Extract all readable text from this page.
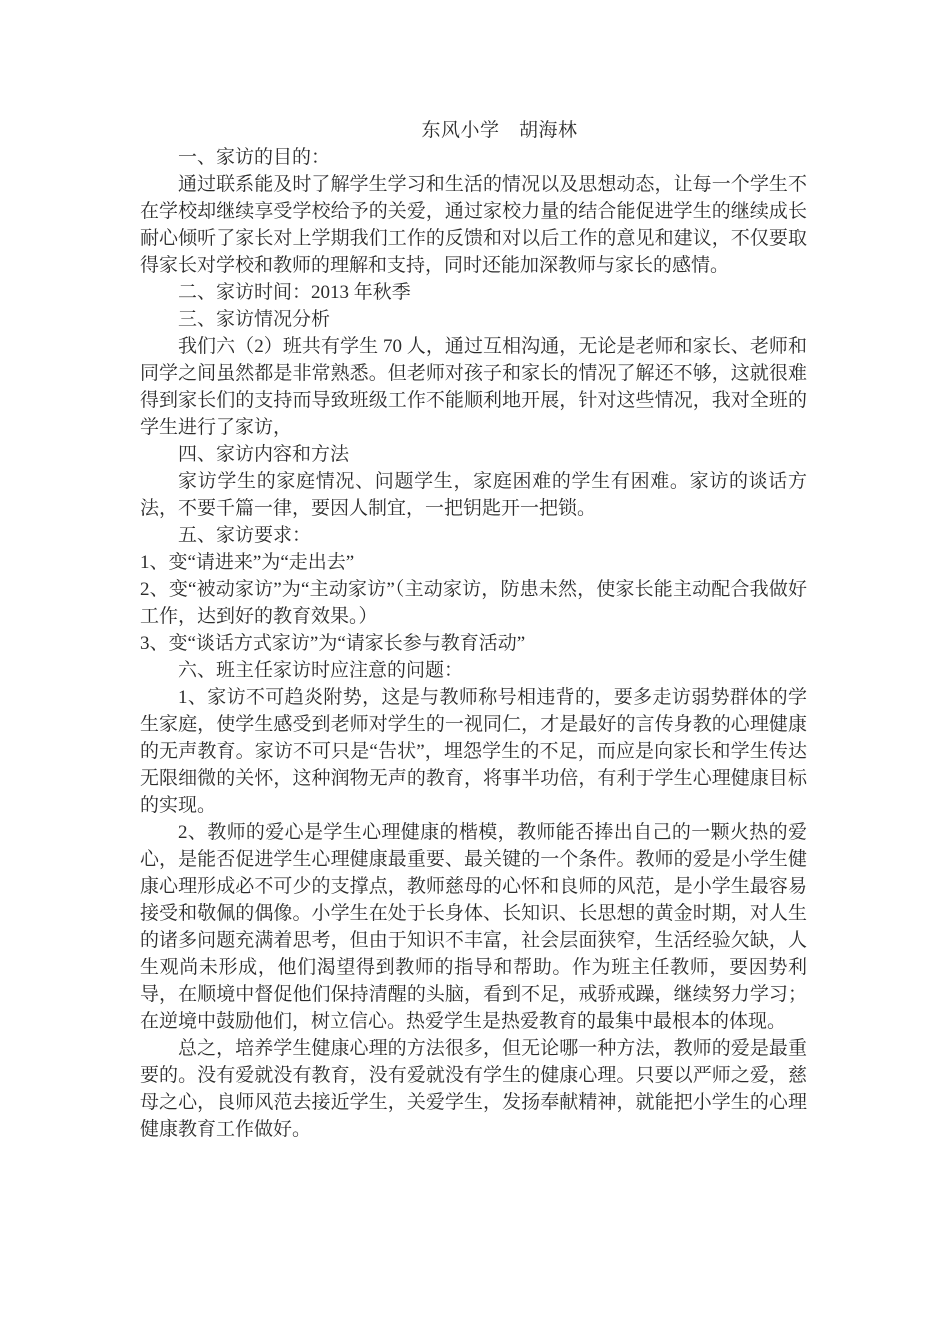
东风小学　胡海林

一、家访的目的：

通过联系能及时了解学生学习和生活的情况以及思想动态，让每一个学生不在学校却继续享受学校给予的关爱，通过家校力量的结合能促进学生的继续成长耐心倾听了家长对上学期我们工作的反馈和对以后工作的意见和建议，不仅要取得家长对学校和教师的理解和支持，同时还能加深教师与家长的感情。

二、家访时间：2013 年秋季

三、家访情况分析

我们六（2）班共有学生 70 人，通过互相沟通，无论是老师和家长、老师和同学之间虽然都是非常熟悉。但老师对孩子和家长的情况了解还不够，这就很难得到家长们的支持而导致班级工作不能顺利地开展，针对这些情况，我对全班的学生进行了家访，

四、家访内容和方法

家访学生的家庭情况、问题学生，家庭困难的学生有困难。家访的谈话方法，不要千篇一律，要因人制宜，一把钥匙开一把锁。

五、家访要求：

1、变“请进来”为“走出去”

2、变“被动家访”为“主动家访”（主动家访，防患未然，使家长能主动配合我做好工作，达到好的教育效果。）

3、变“谈话方式家访”为“请家长参与教育活动”

六、班主任家访时应注意的问题：

1、家访不可趋炎附势，这是与教师称号相违背的，要多走访弱势群体的学生家庭，使学生感受到老师对学生的一视同仁，才是最好的言传身教的心理健康的无声教育。家访不可只是“告状”，埋怨学生的不足，而应是向家长和学生传达无限细微的关怀，这种润物无声的教育，将事半功倍，有利于学生心理健康目标的实现。

2、教师的爱心是学生心理健康的楷模，教师能否捧出自己的一颗火热的爱心，是能否促进学生心理健康最重要、最关键的一个条件。教师的爱是小学生健康心理形成必不可少的支撑点，教师慈母的心怀和良师的风范，是小学生最容易接受和敬佩的偶像。小学生在处于长身体、长知识、长思想的黄金时期，对人生的诸多问题充满着思考，但由于知识不丰富，社会层面狭窄，生活经验欠缺，人生观尚未形成，他们渴望得到教师的指导和帮助。作为班主任教师，要因势利导，在顺境中督促他们保持清醒的头脑，看到不足，戒骄戒躁，继续努力学习；在逆境中鼓励他们，树立信心。热爱学生是热爱教育的最集中最根本的体现。

总之，培养学生健康心理的方法很多，但无论哪一种方法，教师的爱是最重要的。没有爱就没有教育，没有爱就没有学生的健康心理。只要以严师之爱，慈母之心，良师风范去接近学生，关爱学生，发扬奉献精神，就能把小学生的心理健康教育工作做好。
